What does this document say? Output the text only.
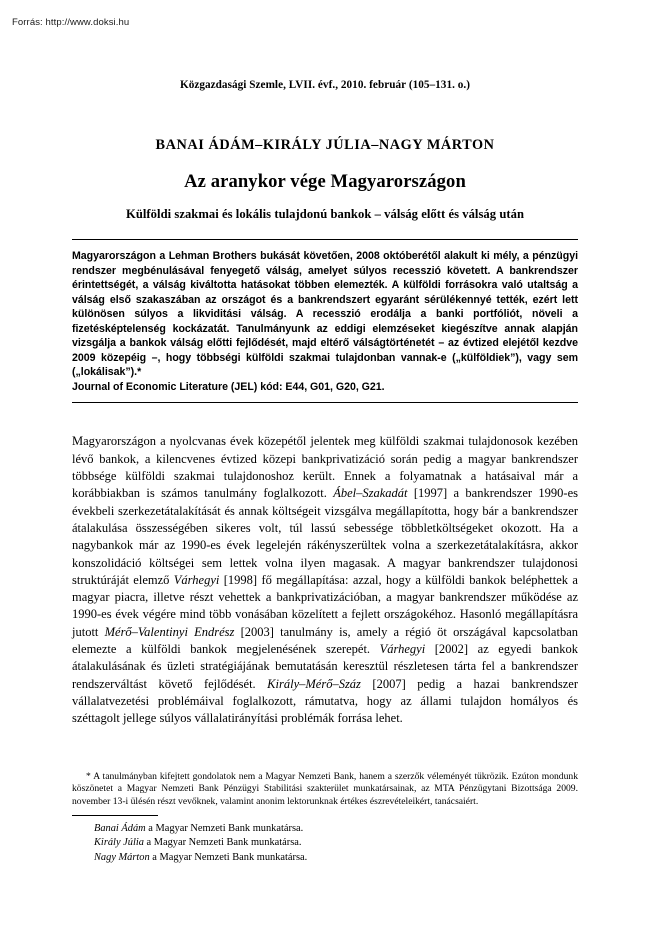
Forrás: http://www.doksi.hu
Közgazdasági Szemle, LVII. évf., 2010. február (105–131. o.)
BANAI ÁDÁM–KIRÁLY JÚLIA–NAGY MÁRTON
Az aranykor vége Magyarországon
Külföldi szakmai és lokális tulajdonú bankok – válság előtt és válság után

Magyarországon a Lehman Brothers bukását követően, 2008 októberétől alakult ki mély, a pénzügyi rendszer megbénulásával fenyegető válság, amelyet súlyos recesszió követett. A bankrendszer érintettségét, a válság kiváltotta hatásokat többen elemezték. A külföldi forrásokra való utaltság a válság első szakaszában az országot és a bankrendszert egyaránt sérülékennyé tették, ezért lett különösen súlyos a likviditási válság. A recesszió erodálja a banki portfóliót, növeli a fizetésképtelenség kockázatát. Tanulmányunk az eddigi elemzéseket kiegészítve annak alapján vizsgálja a bankok válság előtti fejlődését, majd eltérő válságtörténetét – az évtized elejétől kezdve 2009 közepéig –, hogy többségi külföldi szakmai tulajdonban vannak-e („külföldiek”), vagy sem („lokálisak”).*

Journal of Economic Literature (JEL) kód: E44, G01, G20, G21.

Magyarországon a nyolcvanas évek közepétől jelentek meg külföldi szakmai tulajdonosok kezében lévő bankok, a kilencvenes évtized közepi bankprivatizáció során pedig a magyar bankrendszer többsége külföldi szakmai tulajdonoshoz került. Ennek a folyamatnak a hatásaival már a korábbiakban is számos tanulmány foglalkozott. Ábel–Szakadát [1997] a bankrendszer 1990-es évekbeli szerkezetátalakítását és annak költségeit vizsgálva megállapította, hogy bár a bankrendszer átalakulása összességében sikeres volt, túl lassú sebessége többletköltségeket okozott. Ha a nagybankok már az 1990-es évek legelején rákényszerültek volna a szerkezetátalakításra, akkor konszolidáció költségei sem lettek volna ilyen magasak. A magyar bankrendszer tulajdonosi struktúráját elemző Várhegyi [1998] fő megállapítása: azzal, hogy a külföldi bankok beléphettek a magyar piacra, illetve részt vehettek a bankprivatizációban, a magyar bankrendszer működése az 1990-es évek végére mind több vonásában közelített a fejlett országokéhoz. Hasonló megállapításra jutott Mérő–Valentinyi Endrész [2003] tanulmány is, amely a régió öt országával kapcsolatban elemezte a külföldi bankok megjelenésének szerepét. Várhegyi [2002] az egyedi bankok átalakulásának és üzleti stratégiájának bemutatásán keresztül részletesen tárta fel a bankrendszer rendszerváltást követő fejlődését. Király–Mérő–Száz [2007] pedig a hazai bankrendszer vállalatvezetési problémáival foglalkozott, rámutatva, hogy az állami tulajdon homályos és széttagolt jellege súlyos vállalatirányítási problémák forrása lehet.

* A tanulmányban kifejtett gondolatok nem a Magyar Nemzeti Bank, hanem a szerzők véleményét tükrözik. Ezúton mondunk köszönetet a Magyar Nemzeti Bank Pénzügyi Stabilitási szakterület munkatársainak, az MTA Pénzügytani Bizottsága 2009. november 13-i ülésén részt vevőknek, valamint anonim lektorunknak értékes észrevételeikért, tanácsaiért.

Banai Ádám a Magyar Nemzeti Bank munkatársa.
Király Júlia a Magyar Nemzeti Bank munkatársa.
Nagy Márton a Magyar Nemzeti Bank munkatársa.
